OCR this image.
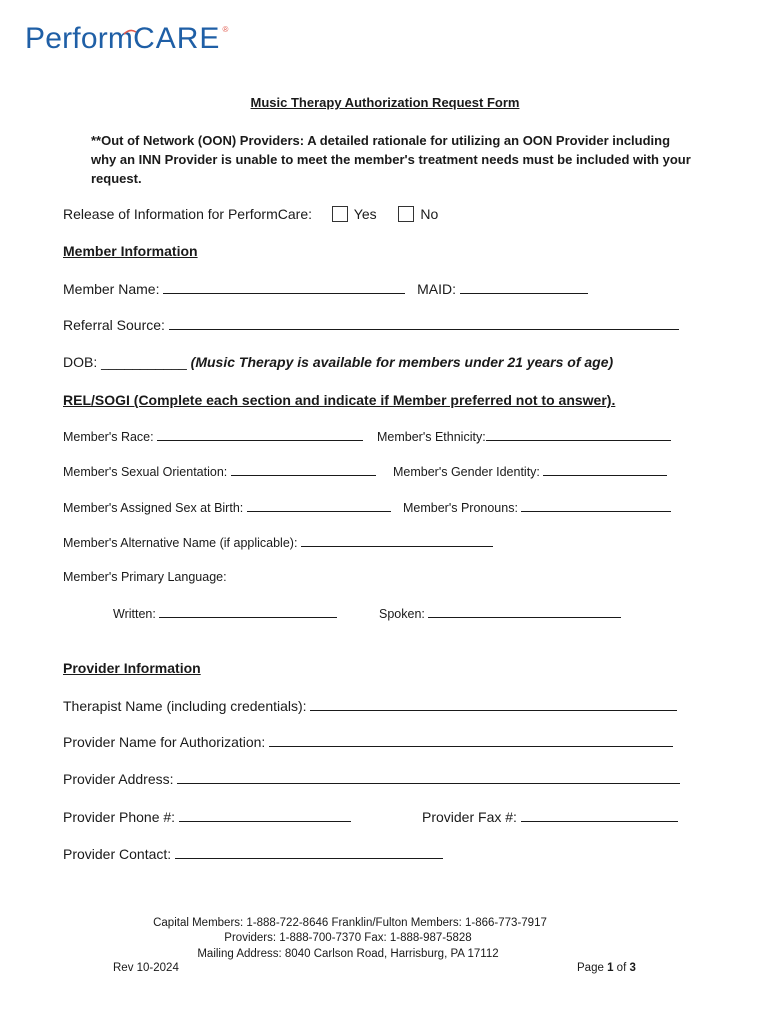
PerformCARE ®
Music Therapy Authorization Request Form
**Out of Network (OON) Providers: A detailed rationale for utilizing an OON Provider including why an INN Provider is unable to meet the member's treatment needs must be included with your request.
Release of Information for PerformCare:	Yes	No
Member Information
Member Name:	MAID:
Referral Source:
DOB: ___________ (Music Therapy is available for members under 21 years of age)
REL/SOGI (Complete each section and indicate if Member preferred not to answer).
Member's Race:	Member's Ethnicity:
Member's Sexual Orientation:	Member's Gender Identity:
Member's Assigned Sex at Birth:	Member's Pronouns:
Member's Alternative Name (if applicable):
Member's Primary Language:
Written:	Spoken:
Provider Information
Therapist Name (including credentials):
Provider Name for Authorization:
Provider Address:
Provider Phone #:	Provider Fax #:
Provider Contact:
Capital Members: 1-888-722-8646 Franklin/Fulton Members: 1-866-773-7917
Providers: 1-888-700-7370 Fax: 1-888-987-5828
Mailing Address: 8040 Carlson Road, Harrisburg, PA 17112
Rev 10-2024	Page 1 of 3
